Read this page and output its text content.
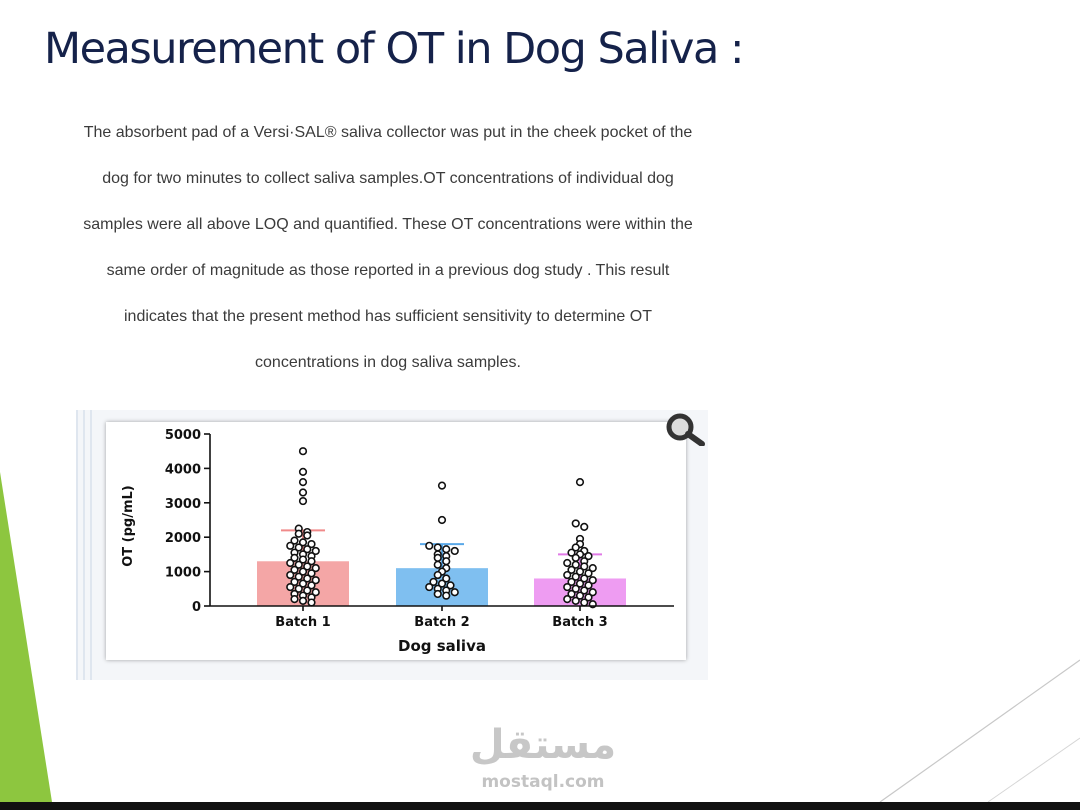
Measurement of OT in Dog Saliva :
The absorbent pad of a Versi·SAL® saliva collector was put in the cheek pocket of the
dog for two minutes to collect saliva samples.OT concentrations of individual dog
samples were all above LOQ and quantified. These OT concentrations were within the
same order of magnitude as those reported in a previous dog study . This result
indicates that the present method has sufficient sensitivity to determine OT
concentrations in dog saliva samples.
0
1000
2000
3000
4000
5000
Batch 1	Batch 2	Batch 3
Dog saliva
OT (pg/mL)
مستقل
mostaql.com
